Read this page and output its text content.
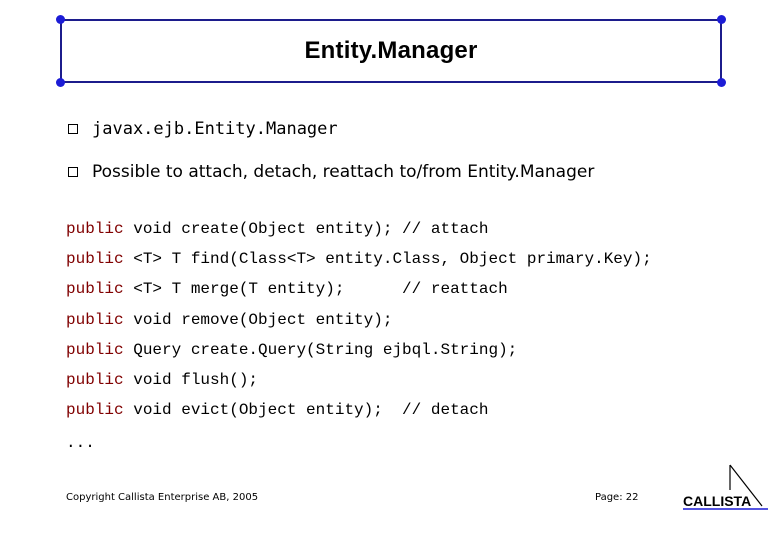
Entity.Manager
javax.ejb.Entity.Manager
Possible to attach, detach, reattach to/from Entity.Manager
public void create(Object entity); // attach
public <T> T find(Class<T> entity.Class, Object primary.Key);
public <T> T merge(T entity);      // reattach
public void remove(Object entity);
public Query create.Query(String ejbql.String);
public void flush();
public void evict(Object entity);  // detach
...
Copyright Callista Enterprise AB, 2005	Page: 22	CALLISTA
